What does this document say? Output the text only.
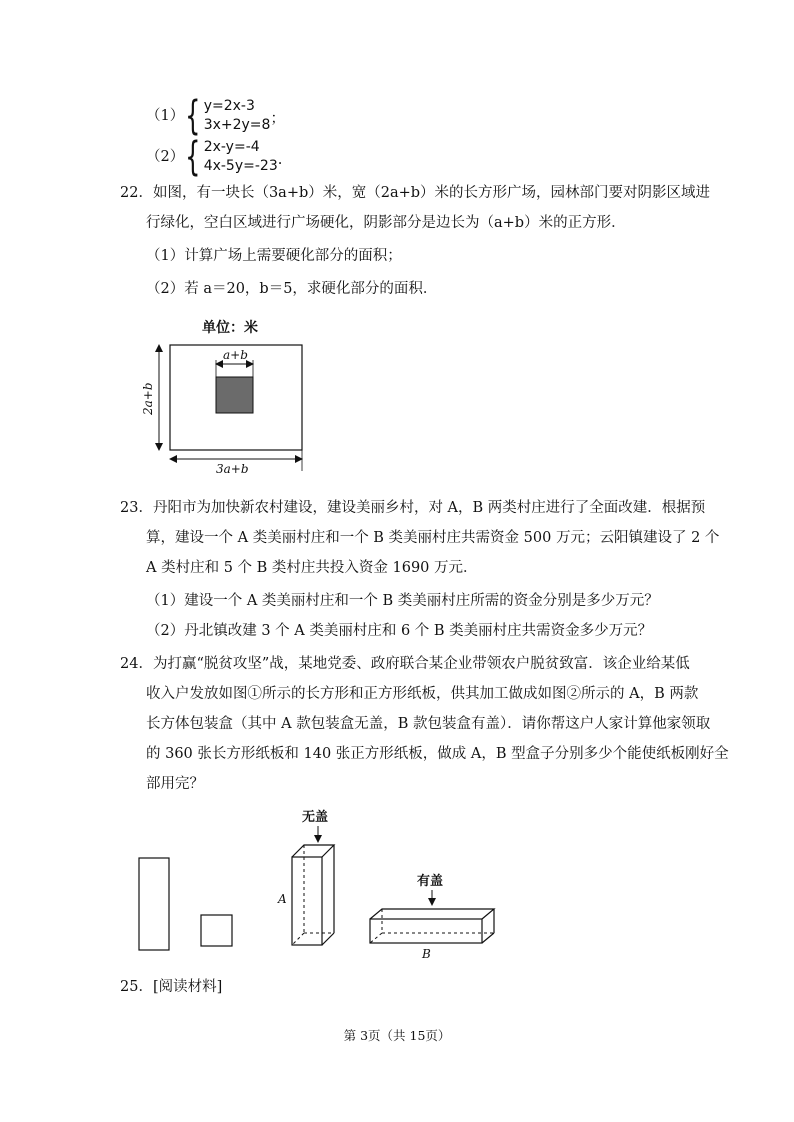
（1） { y=2x-3
3x+2y=8 ；
（2） { 2x-y=-4
4x-5y=-23 .
22．如图，有一块长（3a+b）米，宽（2a+b）米的长方形广场，园林部门要对阴影区域进
行绿化，空白区域进行广场硬化，阴影部分是边长为（a+b）米的正方形．
（1）计算广场上需要硬化部分的面积；
（2）若 a＝20，b＝5，求硬化部分的面积．
单位：米
a+b
2a+b
3a+b
23．丹阳市为加快新农村建设，建设美丽乡村，对 A，B 两类村庄进行了全面改建．根据预
算，建设一个 A 类美丽村庄和一个 B 类美丽村庄共需资金 500 万元；云阳镇建设了 2 个
A 类村庄和 5 个 B 类村庄共投入资金 1690 万元．
（1）建设一个 A 类美丽村庄和一个 B 类美丽村庄所需的资金分别是多少万元？
（2）丹北镇改建 3 个 A 类美丽村庄和 6 个 B 类美丽村庄共需资金多少万元？
24．为打赢“脱贫攻坚”战，某地党委、政府联合某企业带领农户脱贫致富．该企业给某低
收入户发放如图①所示的长方形和正方形纸板，供其加工做成如图②所示的 A，B 两款
长方体包装盒（其中 A 款包装盒无盖，B 款包装盒有盖）．请你帮这户人家计算他家领取
的 360 张长方形纸板和 140 张正方形纸板，做成 A，B 型盒子分别多少个能使纸板刚好全
部用完？
无盖
A
有盖
B
25．[阅读材料]
第 3页（共 15页）
